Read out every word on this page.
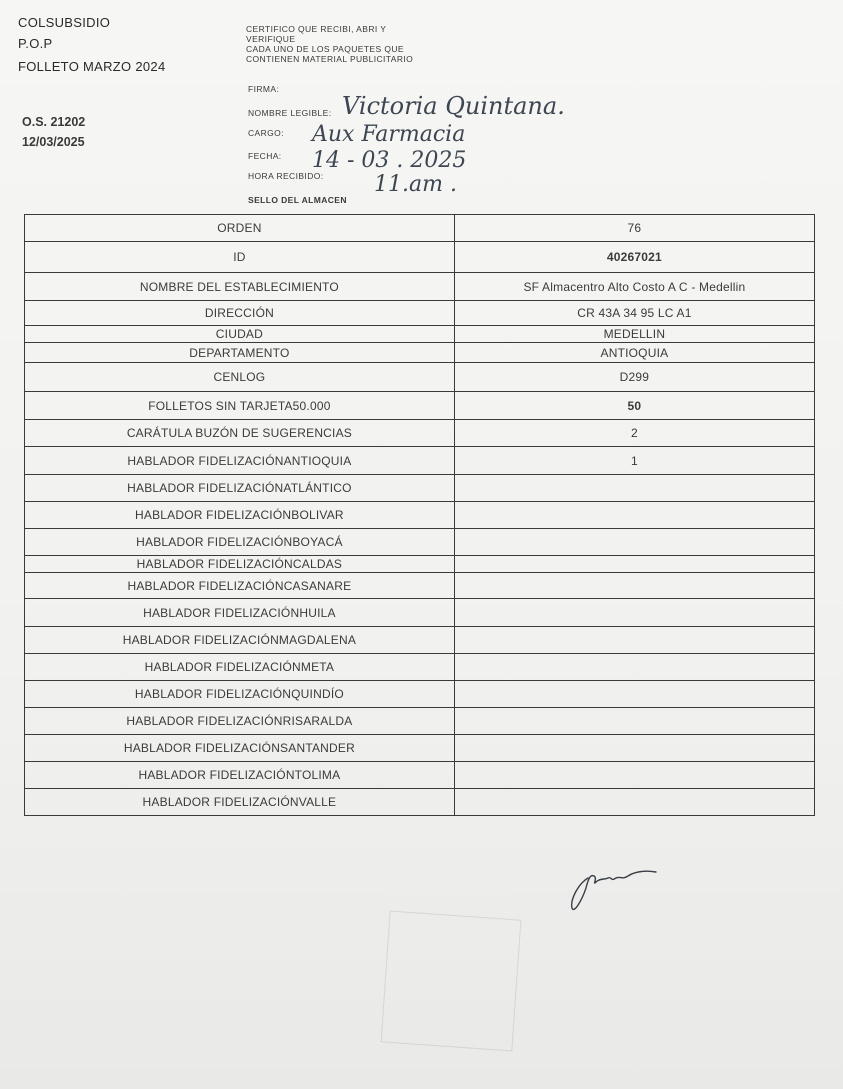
COLSUBSIDIO
P.O.P
FOLLETO MARZO 2024
O.S. 21202
12/03/2025
CERTIFICO QUE RECIBI, ABRI Y
VERIFIQUE
CADA UNO DE LOS PAQUETES QUE
CONTIENEN MATERIAL PUBLICITARIO
FIRMA:
NOMBRE LEGIBLE: Victoria Quintana.
CARGO: Aux Farmacia
FECHA: 14 - 03 . 2025
HORA RECIBIDO: 11.am .
SELLO DEL ALMACEN
ORDEN	76
ID	40267021
NOMBRE DEL ESTABLECIMIENTO	SF Almacentro Alto Costo A C - Medellin
DIRECCIÓN	CR 43A 34 95 LC A1
CIUDAD	MEDELLIN
DEPARTAMENTO	ANTIOQUIA
CENLOG	D299
FOLLETOS SIN TARJETA50.000	50
CARÁTULA BUZÓN DE SUGERENCIAS	2
HABLADOR FIDELIZACIÓNANTIOQUIA	1
HABLADOR FIDELIZACIÓNATLÁNTICO	
HABLADOR FIDELIZACIÓNBOLIVAR	
HABLADOR FIDELIZACIÓNBOYACÁ	
HABLADOR FIDELIZACIÓNCALDAS	
HABLADOR FIDELIZACIÓNCASANARE	
HABLADOR FIDELIZACIÓNHUILA	
HABLADOR FIDELIZACIÓNMAGDALENA	
HABLADOR FIDELIZACIÓNMETA	
HABLADOR FIDELIZACIÓNQUINDÍO	
HABLADOR FIDELIZACIÓNRISARALDA	
HABLADOR FIDELIZACIÓNSANTANDER	
HABLADOR FIDELIZACIÓNTOLIMA	
HABLADOR FIDELIZACIÓNVALLE	
